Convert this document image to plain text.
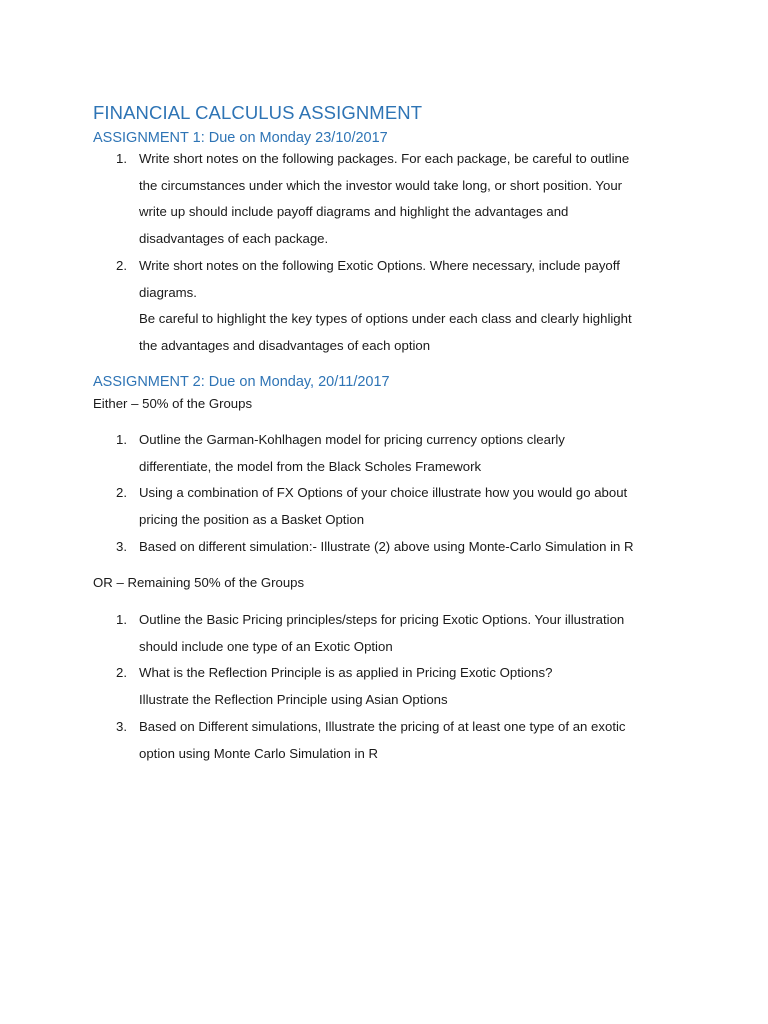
FINANCIAL CALCULUS ASSIGNMENT
ASSIGNMENT 1: Due on Monday 23/10/2017
1. Write short notes on the following packages. For each package, be careful to outline
the circumstances under which the investor would take long, or short position. Your
write up should include payoff diagrams and highlight the advantages and
disadvantages of each package.
2. Write short notes on the following Exotic Options. Where necessary, include payoff
diagrams.
Be careful to highlight the key types of options under each class and clearly highlight
the advantages and disadvantages of each option
ASSIGNMENT 2: Due on Monday, 20/11/2017
Either – 50% of the Groups
1. Outline the Garman-Kohlhagen model for pricing currency options clearly
differentiate, the model from the Black Scholes Framework
2. Using a combination of FX Options of your choice illustrate how you would go about
pricing the position as a Basket Option
3. Based on different simulation:- Illustrate (2) above using Monte-Carlo Simulation in R
OR – Remaining 50% of the Groups
1. Outline the Basic Pricing principles/steps for pricing Exotic Options. Your illustration
should include one type of an Exotic Option
2. What is the Reflection Principle is as applied in Pricing Exotic Options?
Illustrate the Reflection Principle using Asian Options
3. Based on Different simulations, Illustrate the pricing of at least one type of an exotic
option using Monte Carlo Simulation in R
